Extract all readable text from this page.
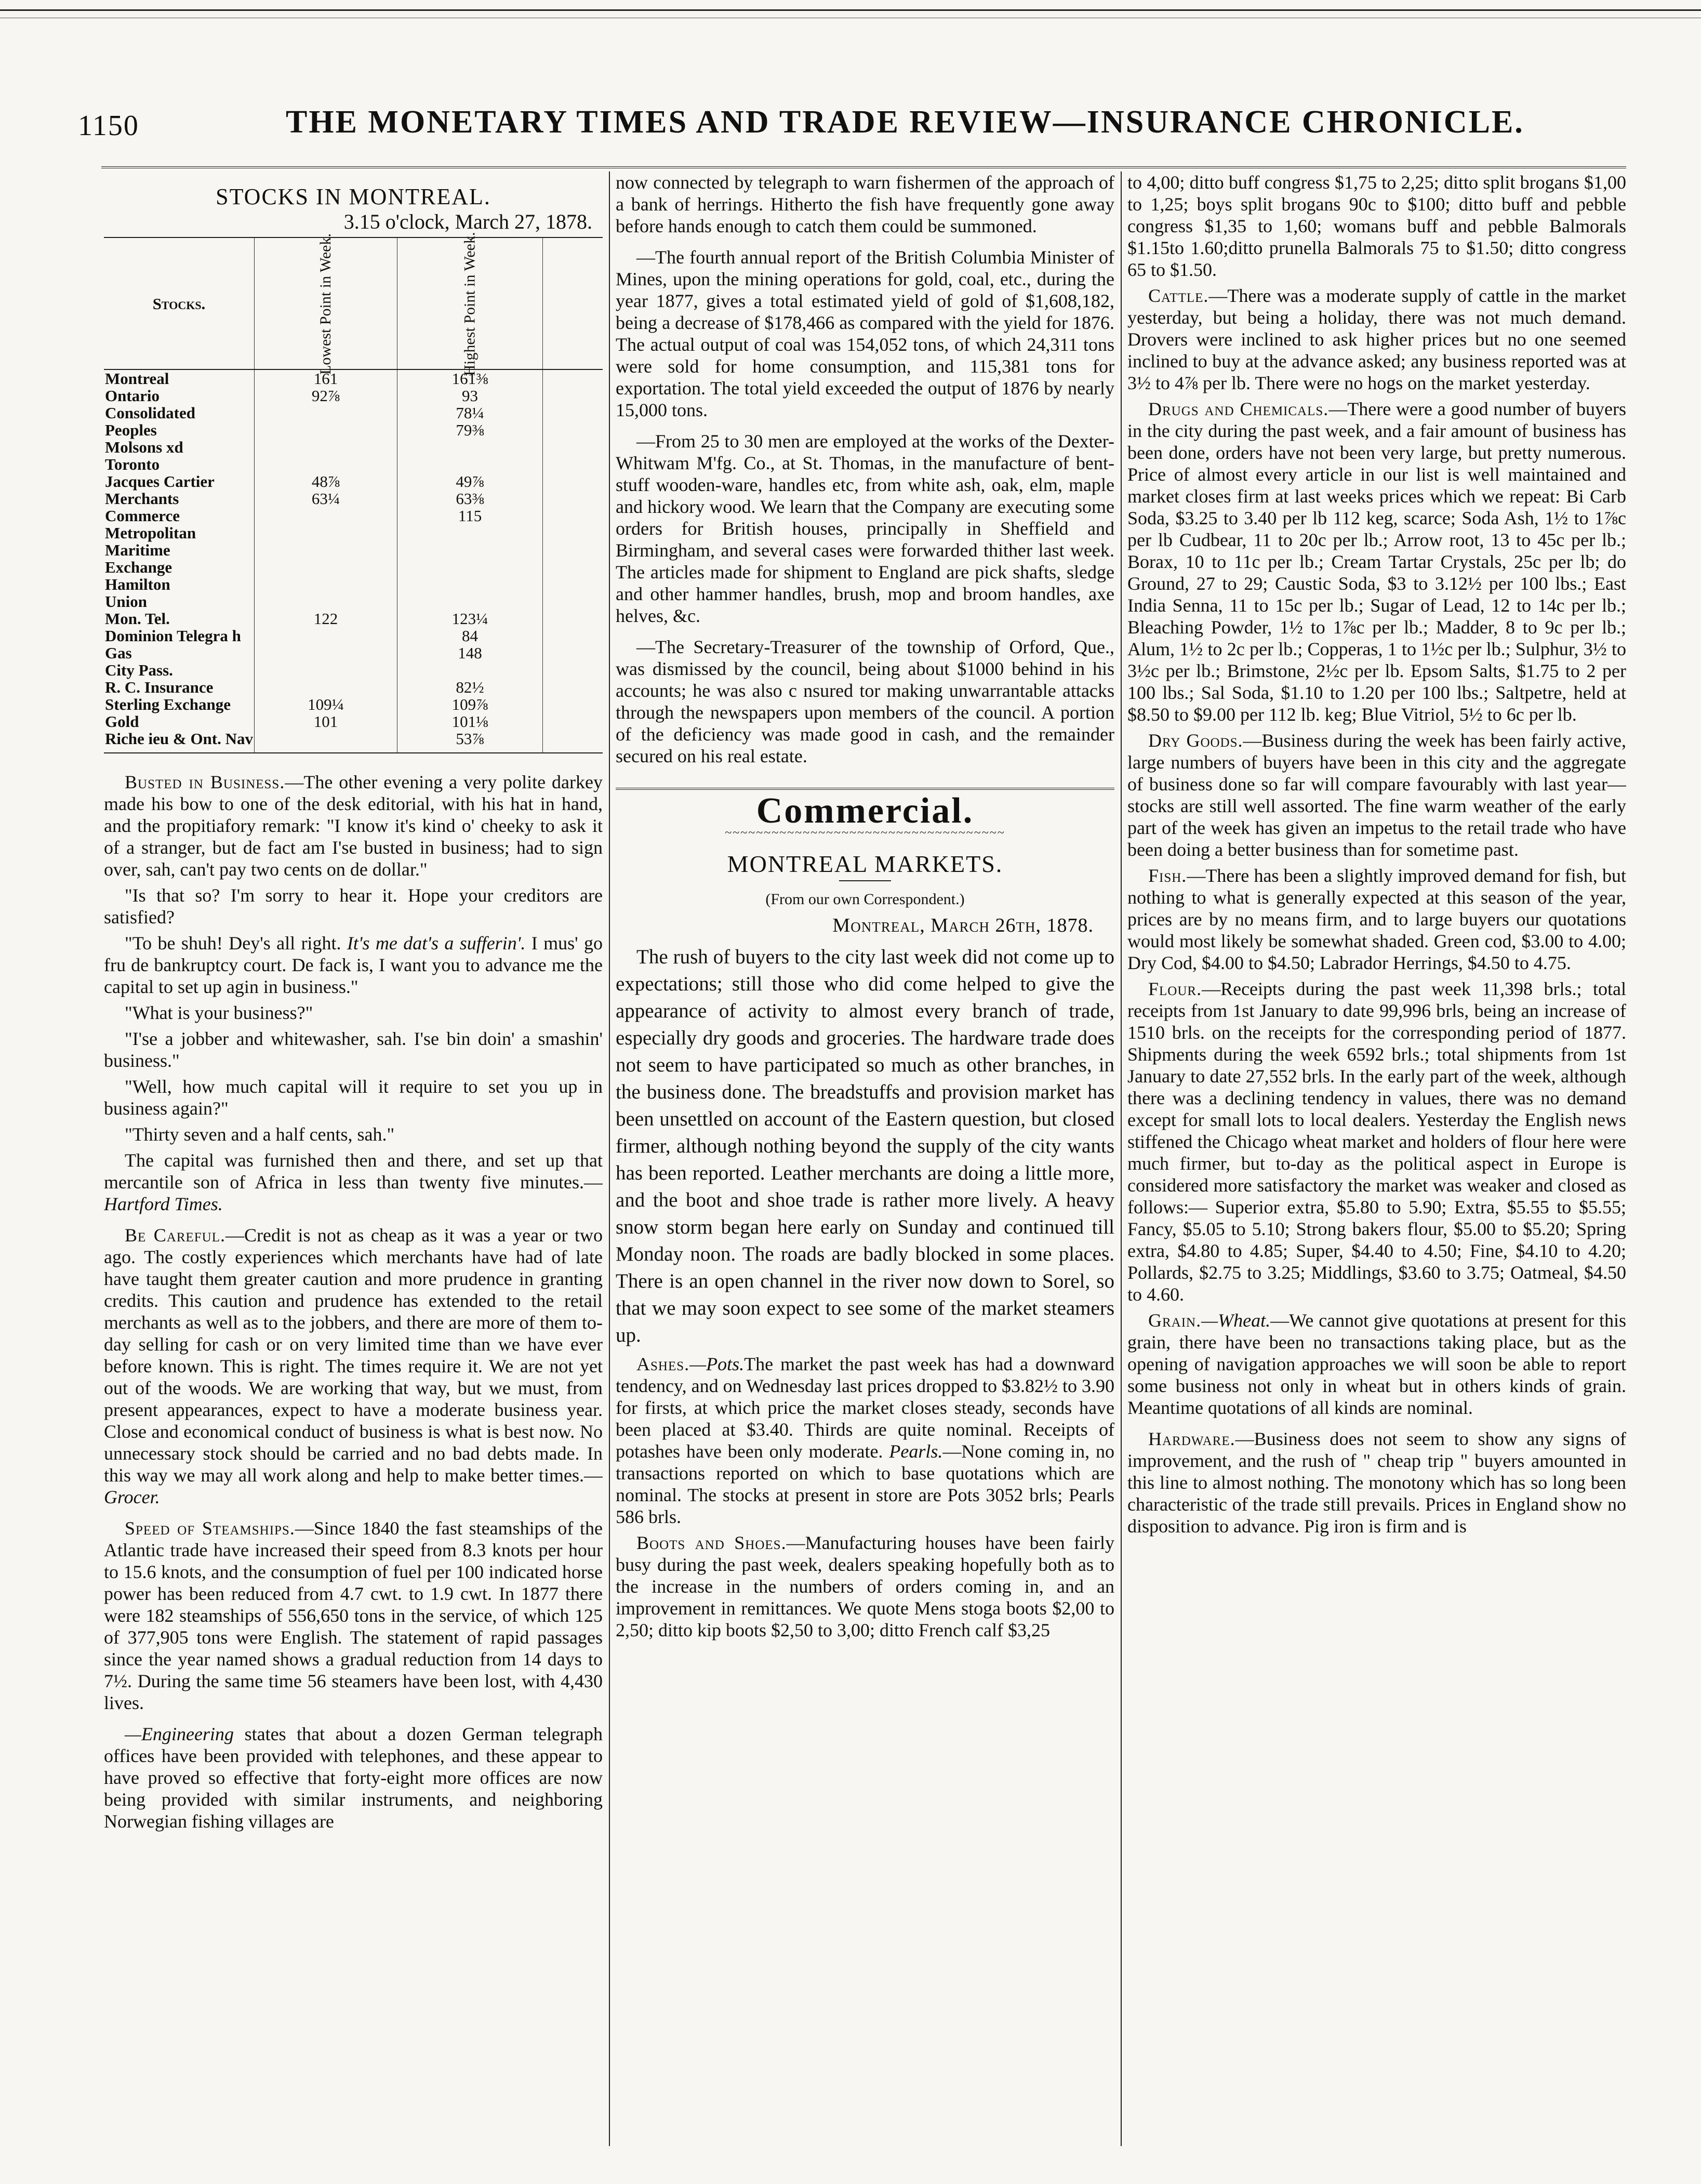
1150	THE MONETARY TIMES AND TRADE REVIEW—INSURANCE CHRONICLE.
STOCKS IN MONTREAL.
3.15 o'clock, March 27, 1878.
Stocks.	Lowest Point in Week.	Highest Point in Week.			
Montreal	161	161⅜			
Ontario	92⅞	93			
Consolidated		78¼			
Peoples		79⅜			
Molsons xd					
Toronto					
Jacques Cartier	48⅞	49⅞			
Merchants	63¼	63⅜			
Commerce		115			
Metropolitan					
Maritime					
Exchange					
Hamilton					
Union					
Mon. Tel.	122	123¼			
Dominion Telegra h		84			
Gas		148			
City Pass.					
R. C. Insurance		82½			
Sterling Exchange	109¼	109⅞			
Gold	101	101⅛			
Riche ieu & Ont. Nav		53⅞			

Busted in Business.—The other evening a very polite darkey made his bow to one of the desk editorial, with his hat in hand, and the propitiafory remark: "I know it's kind o' cheeky to ask it of a stranger, but de fact am I'se busted in business; had to sign over, sah, can't pay two cents on de dollar."

"Is that so? I'm sorry to hear it. Hope your creditors are satisfied?

"To be shuh! Dey's all right. It's me dat's a sufferin'. I mus' go fru de bankruptcy court. De fack is, I want you to advance me the capital to set up agin in business."

"What is your business?"

"I'se a jobber and whitewasher, sah. I'se bin doin' a smashin' business."

"Well, how much capital will it require to set you up in business again?"

"Thirty seven and a half cents, sah."

The capital was furnished then and there, and set up that mercantile son of Africa in less than twenty five minutes.—Hartford Times.

Be Careful.—Credit is not as cheap as it was a year or two ago. The costly experiences which merchants have had of late have taught them greater caution and more prudence in granting credits. This caution and prudence has extended to the retail merchants as well as to the jobbers, and there are more of them to-day selling for cash or on very limited time than we have ever before known. This is right. The times require it. We are not yet out of the woods. We are working that way, but we must, from present appearances, expect to have a moderate business year. Close and economical conduct of business is what is best now. No unnecessary stock should be carried and no bad debts made. In this way we may all work along and help to make better times.—Grocer.

Speed of Steamships.—Since 1840 the fast steamships of the Atlantic trade have increased their speed from 8.3 knots per hour to 15.6 knots, and the consumption of fuel per 100 indicated horse power has been reduced from 4.7 cwt. to 1.9 cwt. In 1877 there were 182 steamships of 556,650 tons in the service, of which 125 of 377,905 tons were English. The statement of rapid passages since the year named shows a gradual reduction from 14 days to 7½. During the same time 56 steamers have been lost, with 4,430 lives.

—Engineering states that about a dozen German telegraph offices have been provided with telephones, and these appear to have proved so effective that forty-eight more offices are now being provided with similar instruments, and neighboring Norwegian fishing villages are

now connected by telegraph to warn fishermen of the approach of a bank of herrings. Hitherto the fish have frequently gone away before hands enough to catch them could be summoned.

—The fourth annual report of the British Columbia Minister of Mines, upon the mining operations for gold, coal, etc., during the year 1877, gives a total estimated yield of gold of $1,608,182, being a decrease of $178,466 as compared with the yield for 1876. The actual output of coal was 154,052 tons, of which 24,311 tons were sold for home consumption, and 115,381 tons for exportation. The total yield exceeded the output of 1876 by nearly 15,000 tons.

—From 25 to 30 men are employed at the works of the Dexter-Whitwam M'fg. Co., at St. Thomas, in the manufacture of bent-stuff wooden-ware, handles etc, from white ash, oak, elm, maple and hickory wood. We learn that the Company are executing some orders for British houses, principally in Sheffield and Birmingham, and several cases were forwarded thither last week. The articles made for shipment to England are pick shafts, sledge and other hammer handles, brush, mop and broom handles, axe helves, &c.

—The Secretary-Treasurer of the township of Orford, Que., was dismissed by the council, being about $1000 behind in his accounts; he was also c nsured tor making unwarrantable attacks through the newspapers upon members of the council. A portion of the deficiency was made good in cash, and the remainder secured on his real estate.

Commercial.
~~~~~~~~~~~~~~~~~~~~~~~~~~~~~~~~~~~~
MONTREAL MARKETS.
(From our own Correspondent.)
Montreal, March 26th, 1878.

The rush of buyers to the city last week did not come up to expectations; still those who did come helped to give the appearance of activity to almost every branch of trade, especially dry goods and groceries. The hardware trade does not seem to have participated so much as other branches, in the business done. The breadstuffs and provision market has been unsettled on account of the Eastern question, but closed firmer, although nothing beyond the supply of the city wants has been reported. Leather merchants are doing a little more, and the boot and shoe trade is rather more lively. A heavy snow storm began here early on Sunday and continued till Monday noon. The roads are badly blocked in some places. There is an open channel in the river now down to Sorel, so that we may soon expect to see some of the market steamers up.

Ashes.—Pots.The market the past week has had a downward tendency, and on Wednesday last prices dropped to $3.82½ to 3.90 for firsts, at which price the market closes steady, seconds have been placed at $3.40. Thirds are quite nominal. Receipts of potashes have been only moderate. Pearls.—None coming in, no transactions reported on which to base quotations which are nominal. The stocks at present in store are Pots 3052 brls; Pearls 586 brls.

Boots and Shoes.—Manufacturing houses have been fairly busy during the past week, dealers speaking hopefully both as to the increase in the numbers of orders coming in, and an improvement in remittances. We quote Mens stoga boots $2,00 to 2,50; ditto kip boots $2,50 to 3,00; ditto French calf $3,25

to 4,00; ditto buff congress $1,75 to 2,25; ditto split brogans $1,00 to 1,25; boys split brogans 90c to $100; ditto buff and pebble congress $1,35 to 1,60; womans buff and pebble Balmorals $1.15to 1.60;ditto prunella Balmorals 75 to $1.50; ditto congress 65 to $1.50.

Cattle.—There was a moderate supply of cattle in the market yesterday, but being a holiday, there was not much demand. Drovers were inclined to ask higher prices but no one seemed inclined to buy at the advance asked; any business reported was at 3½ to 4⅞ per lb. There were no hogs on the market yesterday.

Drugs and Chemicals.—There were a good number of buyers in the city during the past week, and a fair amount of business has been done, orders have not been very large, but pretty numerous. Price of almost every article in our list is well maintained and market closes firm at last weeks prices which we repeat: Bi Carb Soda, $3.25 to 3.40 per lb 112 keg, scarce; Soda Ash, 1½ to 1⅞c per lb Cudbear, 11 to 20c per lb.; Arrow root, 13 to 45c per lb.; Borax, 10 to 11c per lb.; Cream Tartar Crystals, 25c per lb; do Ground, 27 to 29; Caustic Soda, $3 to 3.12½ per 100 lbs.; East India Senna, 11 to 15c per lb.; Sugar of Lead, 12 to 14c per lb.; Bleaching Powder, 1½ to 1⅞c per lb.; Madder, 8 to 9c per lb.; Alum, 1½ to 2c per lb.; Copperas, 1 to 1½c per lb.; Sulphur, 3½ to 3½c per lb.; Brimstone, 2½c per lb. Epsom Salts, $1.75 to 2 per 100 lbs.; Sal Soda, $1.10 to 1.20 per 100 lbs.; Saltpetre, held at $8.50 to $9.00 per 112 lb. keg; Blue Vitriol, 5½ to 6c per lb.

Dry Goods.—Business during the week has been fairly active, large numbers of buyers have been in this city and the aggregate of business done so far will compare favourably with last year—stocks are still well assorted. The fine warm weather of the early part of the week has given an impetus to the retail trade who have been doing a better business than for sometime past.

Fish.—There has been a slightly improved demand for fish, but nothing to what is generally expected at this season of the year, prices are by no means firm, and to large buyers our quotations would most likely be somewhat shaded. Green cod, $3.00 to 4.00; Dry Cod, $4.00 to $4.50; Labrador Herrings, $4.50 to 4.75.

Flour.—Receipts during the past week 11,398 brls.; total receipts from 1st January to date 99,996 brls, being an increase of 1510 brls. on the receipts for the corresponding period of 1877. Shipments during the week 6592 brls.; total shipments from 1st January to date 27,552 brls. In the early part of the week, although there was a declining tendency in values, there was no demand except for small lots to local dealers. Yesterday the English news stiffened the Chicago wheat market and holders of flour here were much firmer, but to-day as the political aspect in Europe is considered more satisfactory the market was weaker and closed as follows:— Superior extra, $5.80 to 5.90; Extra, $5.55 to $5.55; Fancy, $5.05 to 5.10; Strong bakers flour, $5.00 to $5.20; Spring extra, $4.80 to 4.85; Super, $4.40 to 4.50; Fine, $4.10 to 4.20; Pollards, $2.75 to 3.25; Middlings, $3.60 to 3.75; Oatmeal, $4.50 to 4.60.

Grain.—Wheat.—We cannot give quotations at present for this grain, there have been no transactions taking place, but as the opening of navigation approaches we will soon be able to report some business not only in wheat but in others kinds of grain. Meantime quotations of all kinds are nominal.

Hardware.—Business does not seem to show any signs of improvement, and the rush of " cheap trip " buyers amounted in this line to almost nothing. The monotony which has so long been characteristic of the trade still prevails. Prices in England show no disposition to advance. Pig iron is firm and is
